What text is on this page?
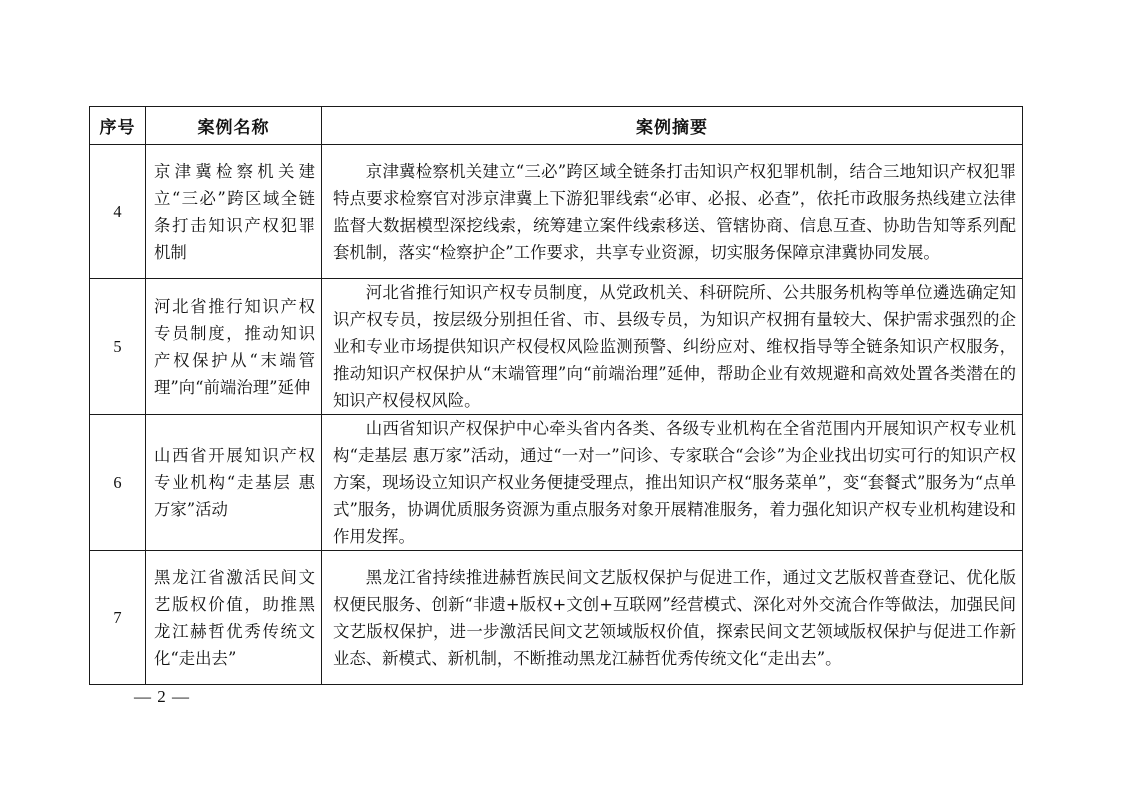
序号	案例名称	案例摘要
4	京津冀检察机关建立“三必”跨区域全链条打击知识产权犯罪机制	京津冀检察机关建立“三必”跨区域全链条打击知识产权犯罪机制，结合三地知识产权犯罪特点要求检察官对涉京津冀上下游犯罪线索“必审、必报、必查”，依托市政服务热线建立法律监督大数据模型深挖线索，统筹建立案件线索移送、管辖协商、信息互查、协助告知等系列配套机制，落实“检察护企”工作要求，共享专业资源，切实服务保障京津冀协同发展。

5	河北省推行知识产权专员制度，推动知识产权保护从“末端管理”向“前端治理”延伸	河北省推行知识产权专员制度，从党政机关、科研院所、公共服务机构等单位遴选确定知识产权专员，按层级分别担任省、市、县级专员，为知识产权拥有量较大、保护需求强烈的企业和专业市场提供知识产权侵权风险监测预警、纠纷应对、维权指导等全链条知识产权服务，推动知识产权保护从“末端管理”向“前端治理”延伸，帮助企业有效规避和高效处置各类潜在的知识产权侵权风险。

6	山西省开展知识产权专业机构“走基层 惠万家”活动	山西省知识产权保护中心牵头省内各类、各级专业机构在全省范围内开展知识产权专业机构“走基层 惠万家”活动，通过“一对一”问诊、专家联合“会诊”为企业找出切实可行的知识产权方案，现场设立知识产权业务便捷受理点，推出知识产权“服务菜单”，变“套餐式”服务为“点单式”服务，协调优质服务资源为重点服务对象开展精准服务，着力强化知识产权专业机构建设和作用发挥。

7	黑龙江省激活民间文艺版权价值，助推黑龙江赫哲优秀传统文化“走出去”	黑龙江省持续推进赫哲族民间文艺版权保护与促进工作，通过文艺版权普查登记、优化版权便民服务、创新“非遗+版权+文创+互联网”经营模式、深化对外交流合作等做法，加强民间文艺版权保护，进一步激活民间文艺领域版权价值，探索民间文艺领域版权保护与促进工作新业态、新模式、新机制，不断推动黑龙江赫哲优秀传统文化“走出去”。
— 2 —
